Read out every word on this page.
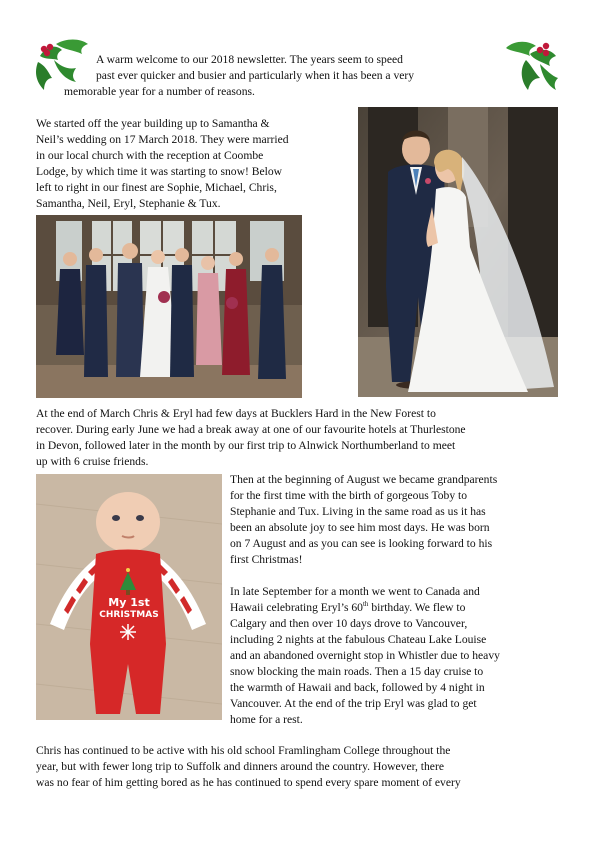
A warm welcome to our 2018 newsletter. The years seem to speed
past ever quicker and busier and particularly when it has been a very
memorable year for a number of reasons.
We started off the year building up to Samantha &
Neil’s wedding on 17 March 2018. They were married
in our local church with the reception at Coombe
Lodge, by which time it was starting to snow! Below
left to right in our finest are Sophie, Michael, Chris,
Samantha, Neil, Eryl, Stephanie & Tux.
At the end of March Chris & Eryl had few days at Bucklers Hard in the New Forest to
recover. During early June we had a break away at one of our favourite hotels at Thurlestone
in Devon, followed later in the month by our first trip to Alnwick Northumberland to meet
up with 6 cruise friends.
My 1st
CHRISTMAS
Then at the beginning of August we became grandparents
for the first time with the birth of gorgeous Toby to
Stephanie and Tux. Living in the same road as us it has
been an absolute joy to see him most days. He was born
on 7 August and as you can see is looking forward to his
first Christmas!
In late September for a month we went to Canada and
Hawaii celebrating Eryl’s 60th birthday. We flew to
Calgary and then over 10 days drove to Vancouver,
including 2 nights at the fabulous Chateau Lake Louise
and an abandoned overnight stop in Whistler due to heavy
snow blocking the main roads. Then a 15 day cruise to
the warmth of Hawaii and back, followed by 4 night in
Vancouver. At the end of the trip Eryl was glad to get
home for a rest.
Chris has continued to be active with his old school Framlingham College throughout the
year, but with fewer long trip to Suffolk and dinners around the country. However, there
was no fear of him getting bored as he has continued to spend every spare moment of every
